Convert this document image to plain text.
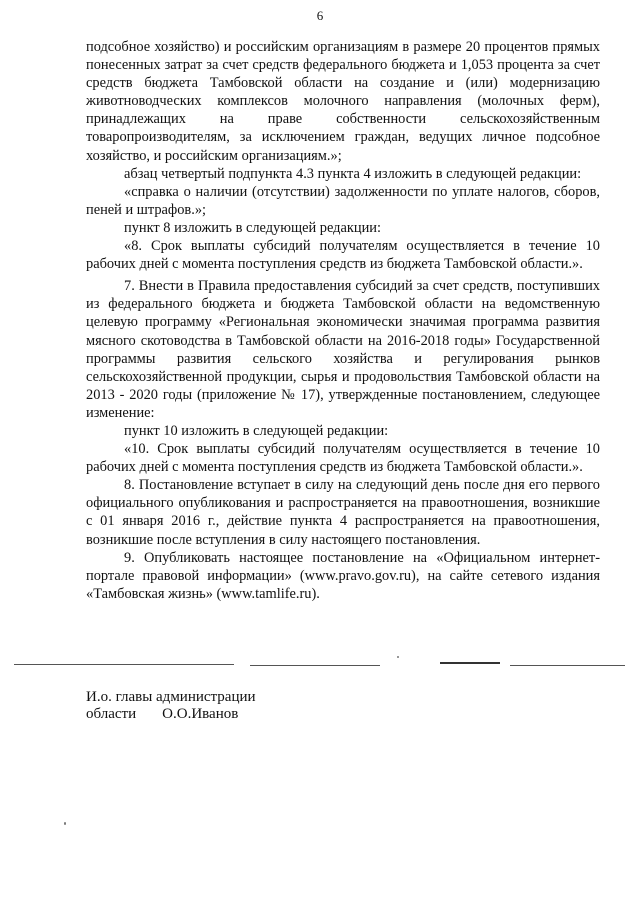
6

подсобное хозяйство) и российским организациям в размере 20 процентов прямых понесенных затрат за счет средств федерального бюджета и 1,053 процента за счет средств бюджета Тамбовской области на создание и (или) модернизацию животноводческих комплексов молочного направления (молочных ферм), принадлежащих на праве собственности сельскохозяйственным товаропроизводителям, за исключением граждан, ведущих личное подсобное хозяйство, и российским организациям.»;

абзац четвертый подпункта 4.3 пункта 4 изложить в следующей редакции:

«справка о наличии (отсутствии) задолженности по уплате налогов, сборов, пеней и штрафов.»;

пункт 8 изложить в следующей редакции:

«8. Срок выплаты субсидий получателям осуществляется в течение 10 рабочих дней с момента поступления средств из бюджета Тамбовской области.».

7. Внести в Правила предоставления субсидий за счет средств, поступивших из федерального бюджета и бюджета Тамбовской области на ведомственную целевую программу «Региональная экономически значимая программа развития мясного скотоводства в Тамбовской области на 2016-2018 годы» Государственной программы развития сельского хозяйства и регулирования рынков сельскохозяйственной продукции, сырья и продовольствия Тамбовской области на 2013 - 2020 годы (приложение № 17), утвержденные постановлением, следующее изменение:

пункт 10 изложить в следующей редакции:

«10. Срок выплаты субсидий получателям осуществляется в течение 10 рабочих дней с момента поступления средств из бюджета Тамбовской области.».

8. Постановление вступает в силу на следующий день после дня его первого официального опубликования и распространяется на правоотношения, возникшие с 01 января 2016 г., действие пункта 4 распространяется на правоотношения, возникшие после вступления в силу настоящего постановления.

9. Опубликовать настоящее постановление на «Официальном интернет-портале правовой информации» (www.pravo.gov.ru), на сайте сетевого издания «Тамбовская жизнь» (www.tamlife.ru).

И.о. главы администрации
области О.О.Иванов
